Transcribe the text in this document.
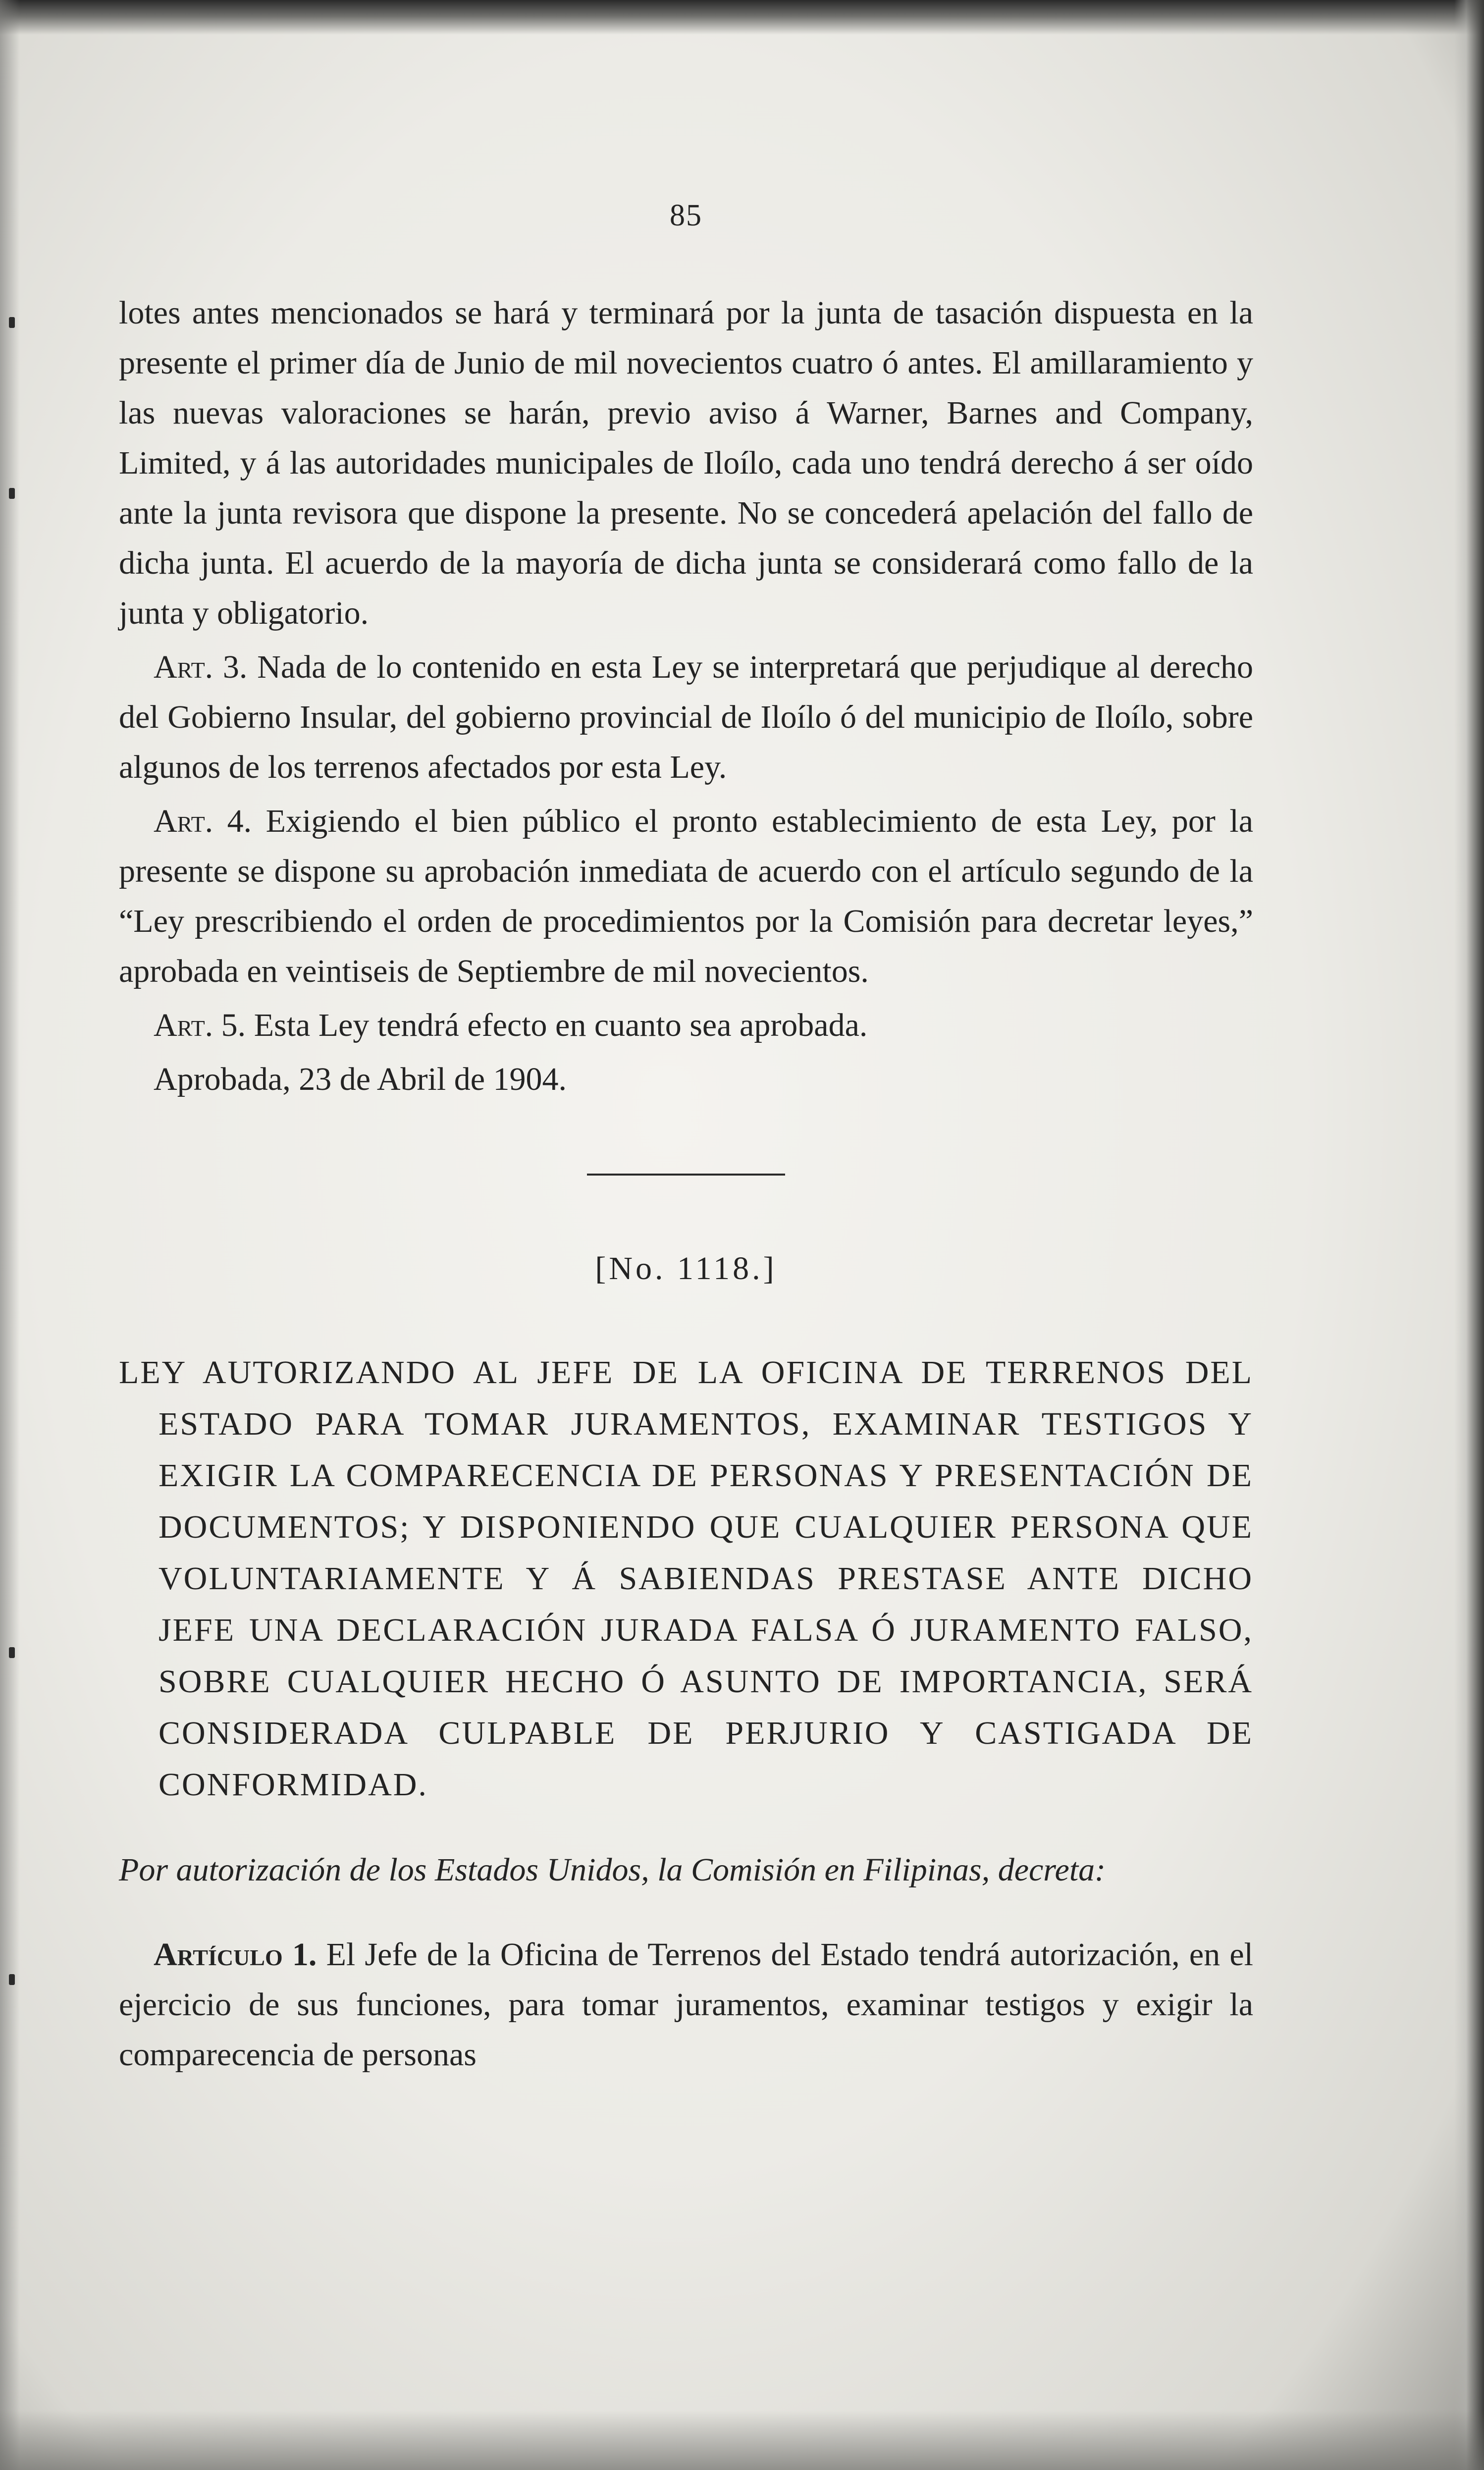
85

lotes antes mencionados se hará y terminará por la junta de tasación dispuesta en la presente el primer día de Junio de mil novecientos cuatro ó antes. El amillaramiento y las nuevas valoraciones se harán, previo aviso á Warner, Barnes and Company, Limited, y á las autoridades municipales de Iloílo, cada uno tendrá derecho á ser oído ante la junta revisora que dispone la presente. No se concederá apelación del fallo de dicha junta. El acuerdo de la mayoría de dicha junta se considerará como fallo de la junta y obligatorio.

Art. 3. Nada de lo contenido en esta Ley se interpretará que perjudique al derecho del Gobierno Insular, del gobierno provincial de Iloílo ó del municipio de Iloílo, sobre algunos de los terrenos afectados por esta Ley.

Art. 4. Exigiendo el bien público el pronto establecimiento de esta Ley, por la presente se dispone su aprobación inmediata de acuerdo con el artículo segundo de la “Ley prescribiendo el orden de procedimientos por la Comisión para decretar leyes,” aprobada en veintiseis de Septiembre de mil novecientos.

Art. 5. Esta Ley tendrá efecto en cuanto sea aprobada.

Aprobada, 23 de Abril de 1904.

[No. 1118.]

LEY AUTORIZANDO AL JEFE DE LA OFICINA DE TERRENOS DEL ESTADO PARA TOMAR JURAMENTOS, EXAMINAR TESTIGOS Y EXIGIR LA COMPARECENCIA DE PERSONAS Y PRESENTACIÓN DE DOCUMENTOS; Y DISPONIENDO QUE CUALQUIER PERSONA QUE VOLUNTARIAMENTE Y Á SABIENDAS PRESTASE ANTE DICHO JEFE UNA DECLARACIÓN JURADA FALSA Ó JURAMENTO FALSO, SOBRE CUALQUIER HECHO Ó ASUNTO DE IMPORTANCIA, SERÁ CONSIDERADA CULPABLE DE PERJURIO Y CASTIGADA DE CONFORMIDAD.

Por autorización de los Estados Unidos, la Comisión en Filipinas, decreta:

Artículo 1. El Jefe de la Oficina de Terrenos del Estado tendrá autorización, en el ejercicio de sus funciones, para tomar juramentos, examinar testigos y exigir la comparecencia de personas
